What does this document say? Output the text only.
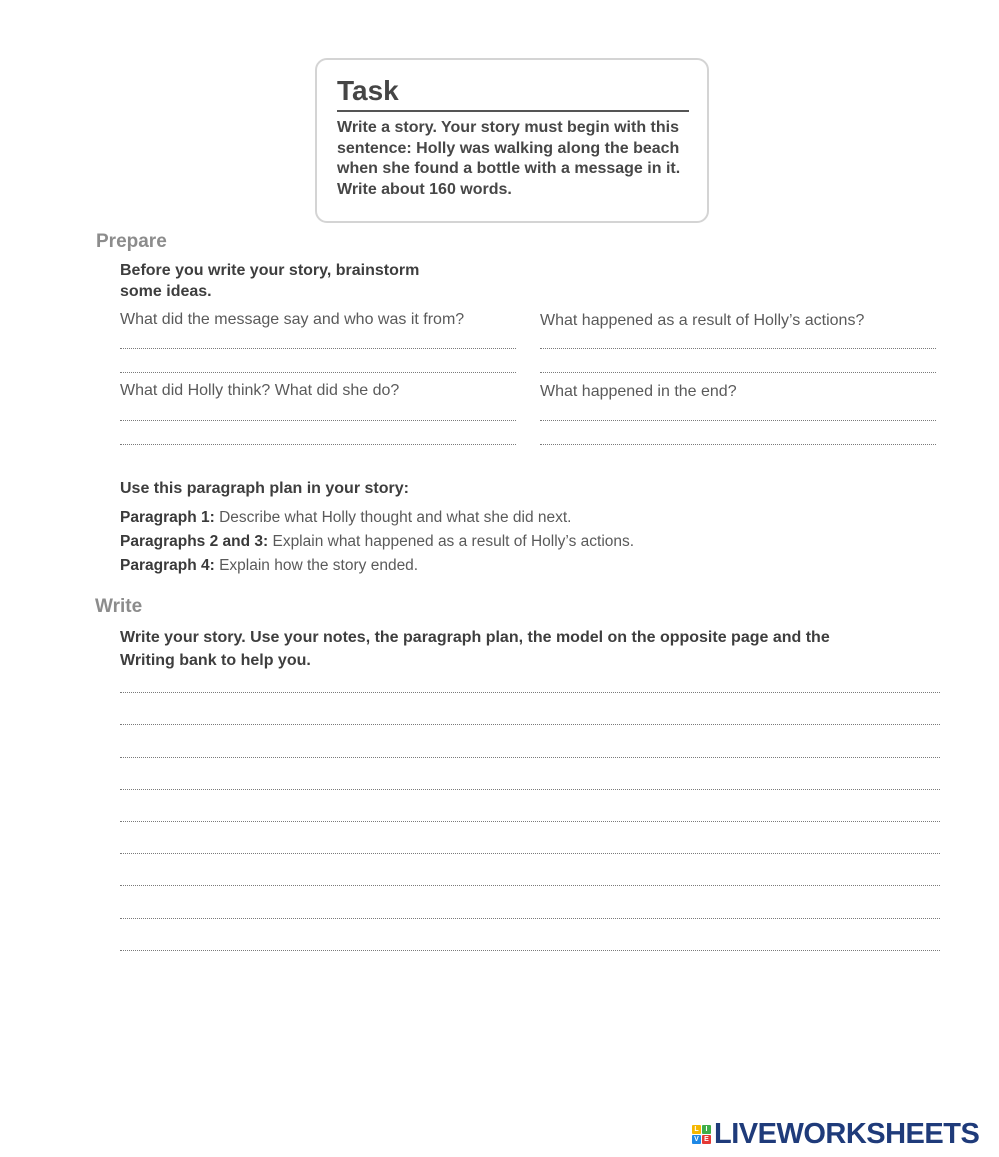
Task
Write a story. Your story must begin with this sentence: Holly was walking along the beach when she found a bottle with a message in it. Write about 160 words.
Prepare
Before you write your story, brainstorm
some ideas.
What did the message say and who was it from?	What happened as a result of Holly’s actions?
What did Holly think? What did she do?	What happened in the end?
Use this paragraph plan in your story:
Paragraph 1: Describe what Holly thought and what she did next.
Paragraphs 2 and 3: Explain what happened as a result of Holly’s actions.
Paragraph 4: Explain how the story ended.
Write
Write your story. Use your notes, the paragraph plan, the model on the opposite page and the
Writing bank to help you.
L I
V E LIVEWORKSHEETS
